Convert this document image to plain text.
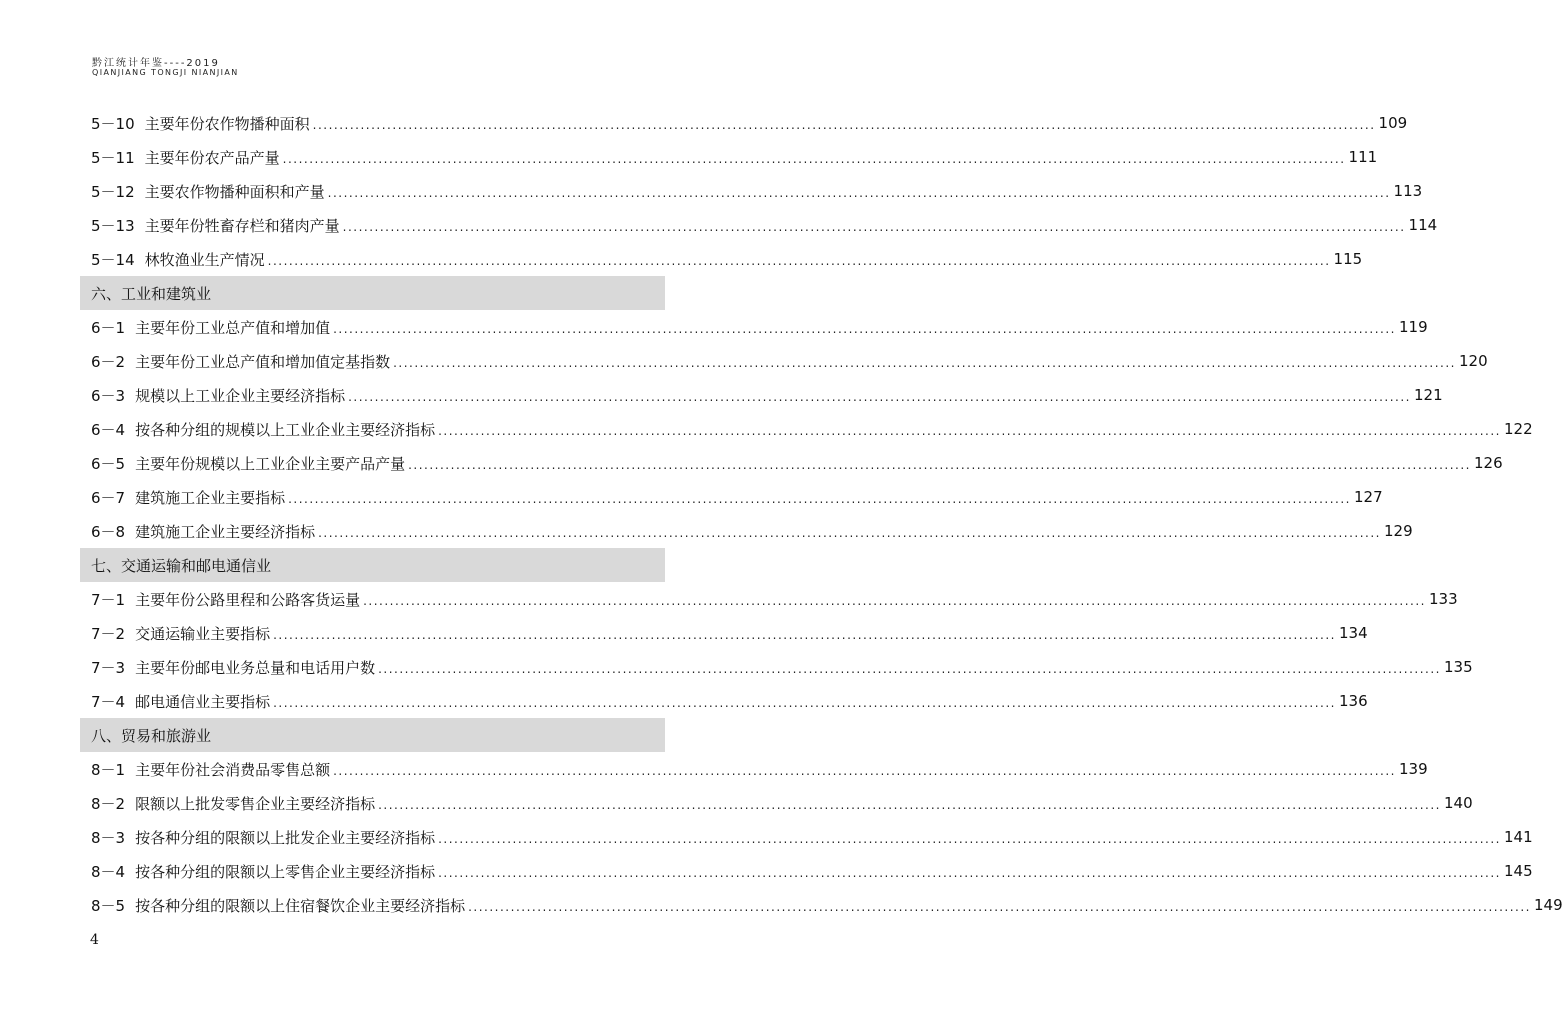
黔江统计年鉴----2019
QIANJIANG TONGJI NIANJIAN
5－10 主要年份农作物播种面积 ........................................................................................................................................................................................................ 109
5－11 主要年份农产品产量 ........................................................................................................................................................................................................ 111
5－12 主要农作物播种面积和产量 ........................................................................................................................................................................................................ 113
5－13 主要年份牲畜存栏和猪肉产量 ........................................................................................................................................................................................................ 114
5－14 林牧渔业生产情况 ........................................................................................................................................................................................................ 115
六、工业和建筑业
6－1 主要年份工业总产值和增加值 ........................................................................................................................................................................................................ 119
6－2 主要年份工业总产值和增加值定基指数 ........................................................................................................................................................................................................ 120
6－3 规模以上工业企业主要经济指标 ........................................................................................................................................................................................................ 121
6－4 按各种分组的规模以上工业企业主要经济指标 ........................................................................................................................................................................................................ 122
6－5 主要年份规模以上工业企业主要产品产量 ........................................................................................................................................................................................................ 126
6－7 建筑施工企业主要指标 ........................................................................................................................................................................................................ 127
6－8 建筑施工企业主要经济指标 ........................................................................................................................................................................................................ 129
七、交通运输和邮电通信业
7－1 主要年份公路里程和公路客货运量 ........................................................................................................................................................................................................ 133
7－2 交通运输业主要指标 ........................................................................................................................................................................................................ 134
7－3 主要年份邮电业务总量和电话用户数 ........................................................................................................................................................................................................ 135
7－4 邮电通信业主要指标 ........................................................................................................................................................................................................ 136
八、贸易和旅游业
8－1 主要年份社会消费品零售总额 ........................................................................................................................................................................................................ 139
8－2 限额以上批发零售企业主要经济指标 ........................................................................................................................................................................................................ 140
8－3 按各种分组的限额以上批发企业主要经济指标 ........................................................................................................................................................................................................ 141
8－4 按各种分组的限额以上零售企业主要经济指标 ........................................................................................................................................................................................................ 145
8－5 按各种分组的限额以上住宿餐饮企业主要经济指标 ........................................................................................................................................................................................................ 149
4
